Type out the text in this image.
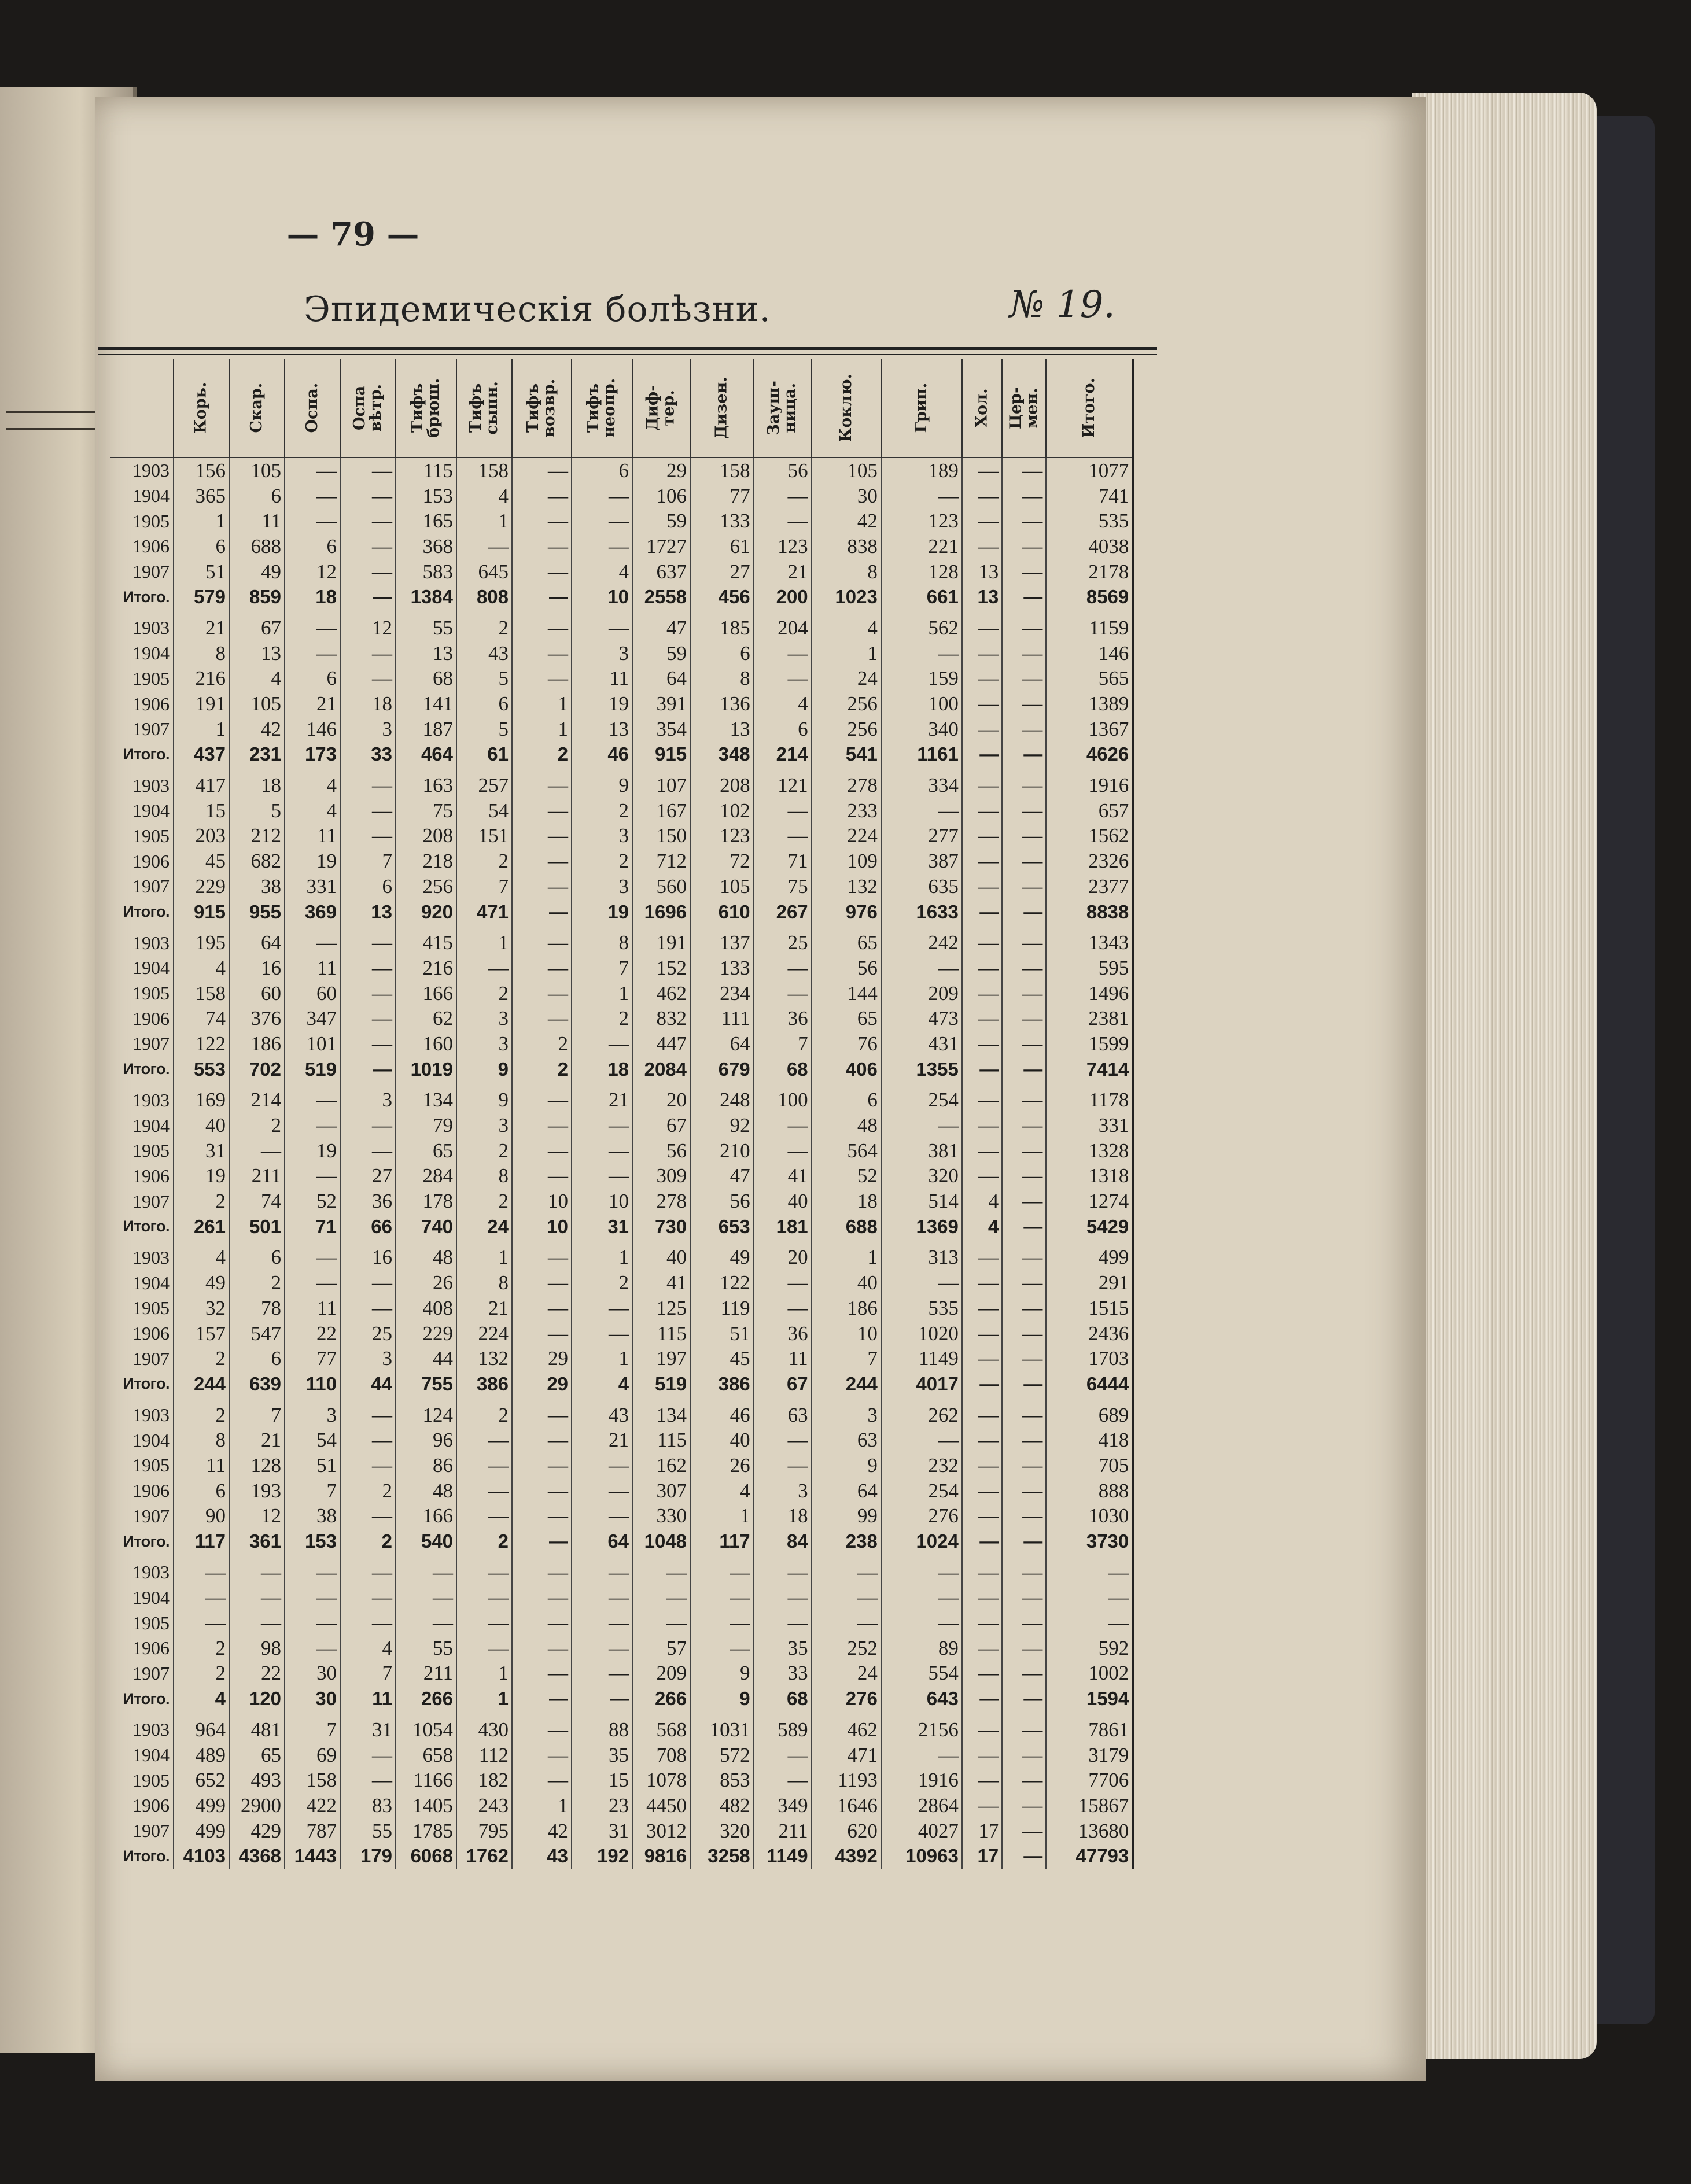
— 79 —
Эпидемическія болѣзни.	№ 19.
	Корь.	Скар.	Оспа.	Оспа
вѣтр.	Тифъ
брюш.	Тифъ
сыпн.	Тифъ
возвр.	Тифъ
неопр.	Диф-
тер.	Дизен.	Зауш-
ница.	Коклю.	Грип.	Хол.	Цер-
мен.	Итого.
1903	156	105	—	—	115	158	—	6	29	158	56	105	189	—	—	1077
1904	365	6	—	—	153	4	—	—	106	77	—	30	—	—	—	741
1905	1	11	—	—	165	1	—	—	59	133	—	42	123	—	—	535
1906	6	688	6	—	368	—	—	—	1727	61	123	838	221	—	—	4038
1907	51	49	12	—	583	645	—	4	637	27	21	8	128	13	—	2178
Итого.	579	859	18	—	1384	808	—	10	2558	456	200	1023	661	13	—	8569

1903	21	67	—	12	55	2	—	—	47	185	204	4	562	—	—	1159
1904	8	13	—	—	13	43	—	3	59	6	—	1	—	—	—	146
1905	216	4	6	—	68	5	—	11	64	8	—	24	159	—	—	565
1906	191	105	21	18	141	6	1	19	391	136	4	256	100	—	—	1389
1907	1	42	146	3	187	5	1	13	354	13	6	256	340	—	—	1367
Итого.	437	231	173	33	464	61	2	46	915	348	214	541	1161	—	—	4626

1903	417	18	4	—	163	257	—	9	107	208	121	278	334	—	—	1916
1904	15	5	4	—	75	54	—	2	167	102	—	233	—	—	—	657
1905	203	212	11	—	208	151	—	3	150	123	—	224	277	—	—	1562
1906	45	682	19	7	218	2	—	2	712	72	71	109	387	—	—	2326
1907	229	38	331	6	256	7	—	3	560	105	75	132	635	—	—	2377
Итого.	915	955	369	13	920	471	—	19	1696	610	267	976	1633	—	—	8838

1903	195	64	—	—	415	1	—	8	191	137	25	65	242	—	—	1343
1904	4	16	11	—	216	—	—	7	152	133	—	56	—	—	—	595
1905	158	60	60	—	166	2	—	1	462	234	—	144	209	—	—	1496
1906	74	376	347	—	62	3	—	2	832	111	36	65	473	—	—	2381
1907	122	186	101	—	160	3	2	—	447	64	7	76	431	—	—	1599
Итого.	553	702	519	—	1019	9	2	18	2084	679	68	406	1355	—	—	7414

1903	169	214	—	3	134	9	—	21	20	248	100	6	254	—	—	1178
1904	40	2	—	—	79	3	—	—	67	92	—	48	—	—	—	331
1905	31	—	19	—	65	2	—	—	56	210	—	564	381	—	—	1328
1906	19	211	—	27	284	8	—	—	309	47	41	52	320	—	—	1318
1907	2	74	52	36	178	2	10	10	278	56	40	18	514	4	—	1274
Итого.	261	501	71	66	740	24	10	31	730	653	181	688	1369	4	—	5429

1903	4	6	—	16	48	1	—	1	40	49	20	1	313	—	—	499
1904	49	2	—	—	26	8	—	2	41	122	—	40	—	—	—	291
1905	32	78	11	—	408	21	—	—	125	119	—	186	535	—	—	1515
1906	157	547	22	25	229	224	—	—	115	51	36	10	1020	—	—	2436
1907	2	6	77	3	44	132	29	1	197	45	11	7	1149	—	—	1703
Итого.	244	639	110	44	755	386	29	4	519	386	67	244	4017	—	—	6444

1903	2	7	3	—	124	2	—	43	134	46	63	3	262	—	—	689
1904	8	21	54	—	96	—	—	21	115	40	—	63	—	—	—	418
1905	11	128	51	—	86	—	—	—	162	26	—	9	232	—	—	705
1906	6	193	7	2	48	—	—	—	307	4	3	64	254	—	—	888
1907	90	12	38	—	166	—	—	—	330	1	18	99	276	—	—	1030
Итого.	117	361	153	2	540	2	—	64	1048	117	84	238	1024	—	—	3730

1903	—	—	—	—	—	—	—	—	—	—	—	—	—	—	—	—
1904	—	—	—	—	—	—	—	—	—	—	—	—	—	—	—	—
1905	—	—	—	—	—	—	—	—	—	—	—	—	—	—	—	—
1906	2	98	—	4	55	—	—	—	57	—	35	252	89	—	—	592
1907	2	22	30	7	211	1	—	—	209	9	33	24	554	—	—	1002
Итого.	4	120	30	11	266	1	—	—	266	9	68	276	643	—	—	1594

1903	964	481	7	31	1054	430	—	88	568	1031	589	462	2156	—	—	7861
1904	489	65	69	—	658	112	—	35	708	572	—	471	—	—	—	3179
1905	652	493	158	—	1166	182	—	15	1078	853	—	1193	1916	—	—	7706
1906	499	2900	422	83	1405	243	1	23	4450	482	349	1646	2864	—	—	15867
1907	499	429	787	55	1785	795	42	31	3012	320	211	620	4027	17	—	13680
Итого.	4103	4368	1443	179	6068	1762	43	192	9816	3258	1149	4392	10963	17	—	47793
